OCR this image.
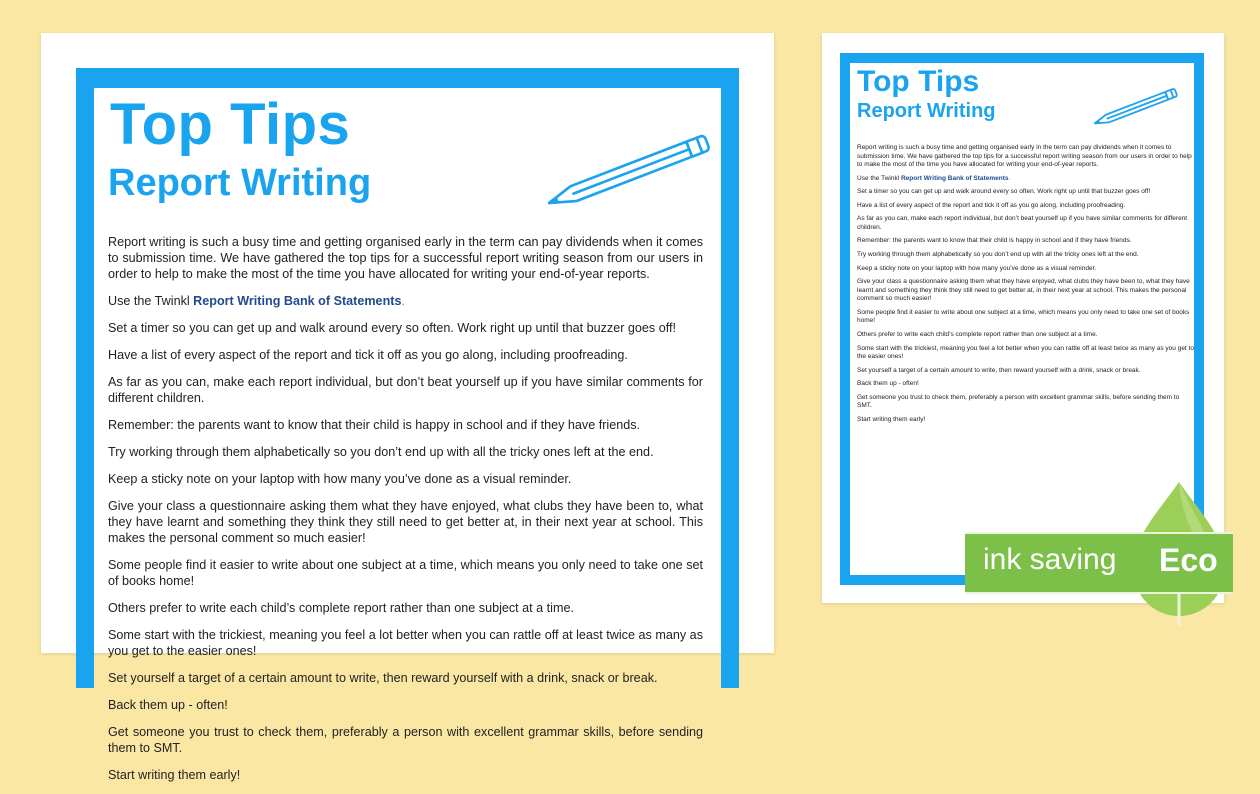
Top Tips
Report Writing

Report writing is such a busy time and getting organised early in the term can pay dividends when it comes to submission time. We have gathered the top tips for a successful report writing season from our users in order to help to make the most of the time you have allocated for writing your end-of-year reports.

Use the Twinkl Report Writing Bank of Statements.

Set a timer so you can get up and walk around every so often. Work right up until that buzzer goes off!

Have a list of every aspect of the report and tick it off as you go along, including proofreading.

As far as you can, make each report individual, but don’t beat yourself up if you have similar comments for different children.

Remember: the parents want to know that their child is happy in school and if they have friends.

Try working through them alphabetically so you don’t end up with all the tricky ones left at the end.

Keep a sticky note on your laptop with how many you’ve done as a visual reminder.

Give your class a questionnaire asking them what they have enjoyed, what clubs they have been to, what they have learnt and something they think they still need to get better at, in their next year at school. This makes the personal comment so much easier!

Some people find it easier to write about one subject at a time, which means you only need to take one set of books home!

Others prefer to write each child’s complete report rather than one subject at a time.

Some start with the trickiest, meaning you feel a lot better when you can rattle off at least twice as many as you get to the easier ones!

Set yourself a target of a certain amount to write, then reward yourself with a drink, snack or break.

Back them up - often!

Get someone you trust to check them, preferably a person with excellent grammar skills, before sending them to SMT.

Start writing them early!

Top Tips
Report Writing

Report writing is such a busy time and getting organised early in the term can pay dividends when it comes to submission time. We have gathered the top tips for a successful report writing season from our users in order to help to make the most of the time you have allocated for writing your end-of-year reports.

Use the Twinkl Report Writing Bank of Statements.

Set a timer so you can get up and walk around every so often. Work right up until that buzzer goes off!

Have a list of every aspect of the report and tick it off as you go along, including proofreading.

As far as you can, make each report individual, but don’t beat yourself up if you have similar comments for different children.

Remember: the parents want to know that their child is happy in school and if they have friends.

Try working through them alphabetically so you don’t end up with all the tricky ones left at the end.

Keep a sticky note on your laptop with how many you’ve done as a visual reminder.

Give your class a questionnaire asking them what they have enjoyed, what clubs they have been to, what they have learnt and something they think they still need to get better at, in their next year at school. This makes the personal comment so much easier!

Some people find it easier to write about one subject at a time, which means you only need to take one set of books home!

Others prefer to write each child’s complete report rather than one subject at a time.

Some start with the trickiest, meaning you feel a lot better when you can rattle off at least twice as many as you get to the easier ones!

Set yourself a target of a certain amount to write, then reward yourself with a drink, snack or break.

Back them up - often!

Get someone you trust to check them, preferably a person with excellent grammar skills, before sending them to SMT.

Start writing them early!

ink saving Eco
